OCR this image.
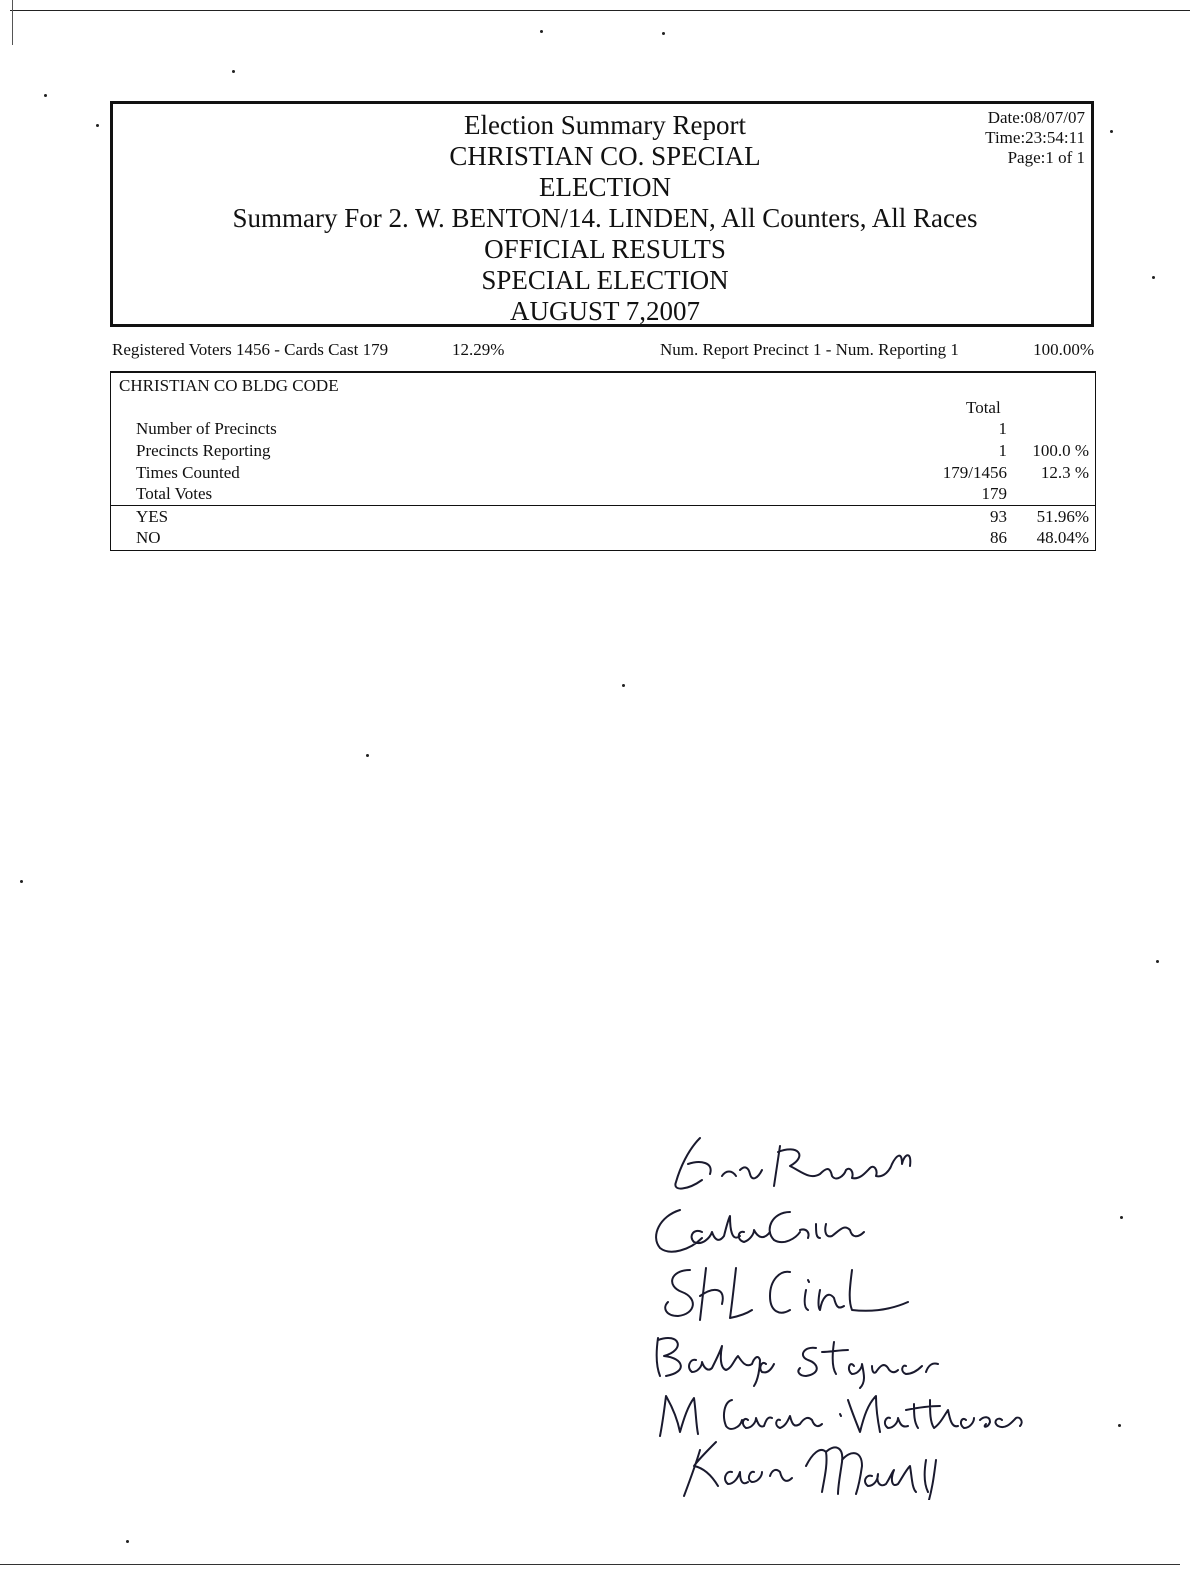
Election Summary Report
CHRISTIAN CO. SPECIAL
ELECTION
Summary For 2. W. BENTON/14. LINDEN, All Counters, All Races
OFFICIAL RESULTS
SPECIAL ELECTION
AUGUST 7,2007
Date:08/07/07
Time:23:54:11
Page:1 of 1
Registered Voters 1456 - Cards Cast 179	12.29%	Num. Report Precinct 1 - Num. Reporting 1	100.00%
CHRISTIAN CO BLDG CODE
Total
Number of Precincts	1
Precincts Reporting	1 100.0 %
Times Counted	179/1456 12.3 %
Total Votes	179
YES	93 51.96%
NO	86 48.04%
